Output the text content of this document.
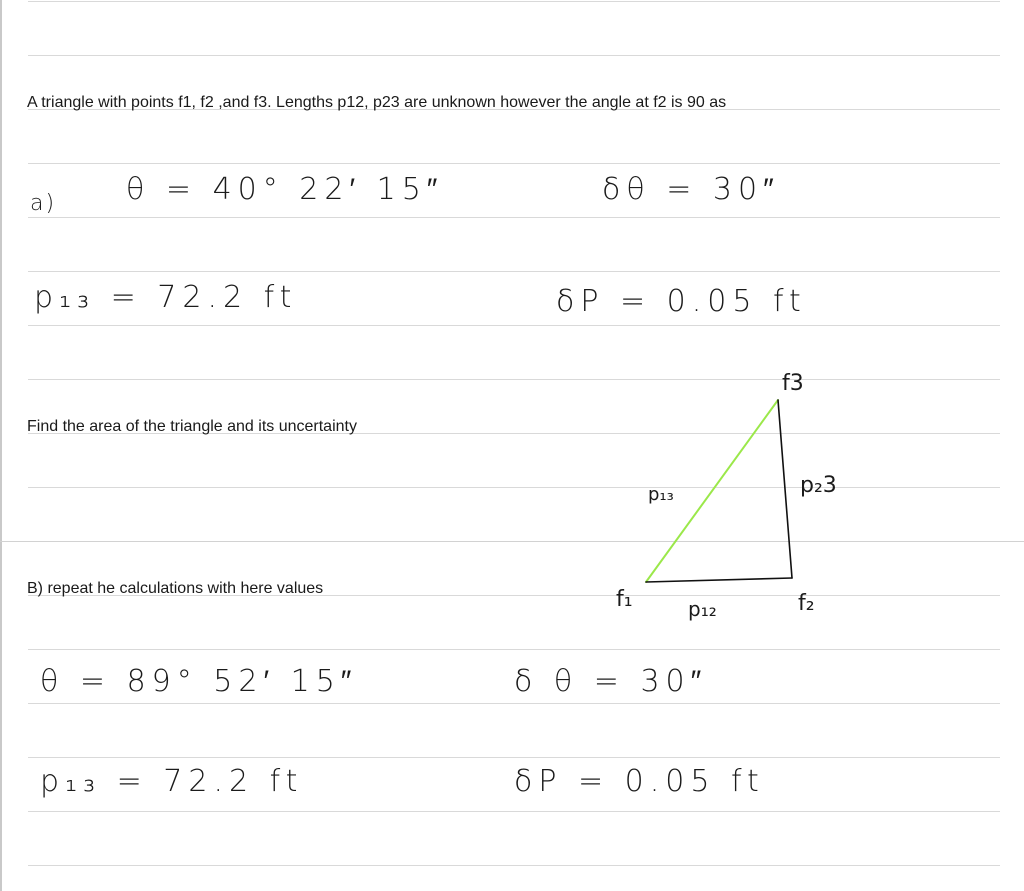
A triangle with points f1, f2 ,and f3. Lengths p12, p23 are unknown however the angle at f2 is 90 as
Find the area of the triangle and its uncertainty
B) repeat he calculations with here values
a) θ = 40° 22′ 15″	δθ = 30″
p₁₃ = 72.2 ft	δP = 0.05 ft
θ = 89° 52′ 15″	δ θ = 30″
p₁₃ = 72.2 ft	δP = 0.05 ft
f3
p₂3
p₁₃
f₁	p₁₂	f₂
